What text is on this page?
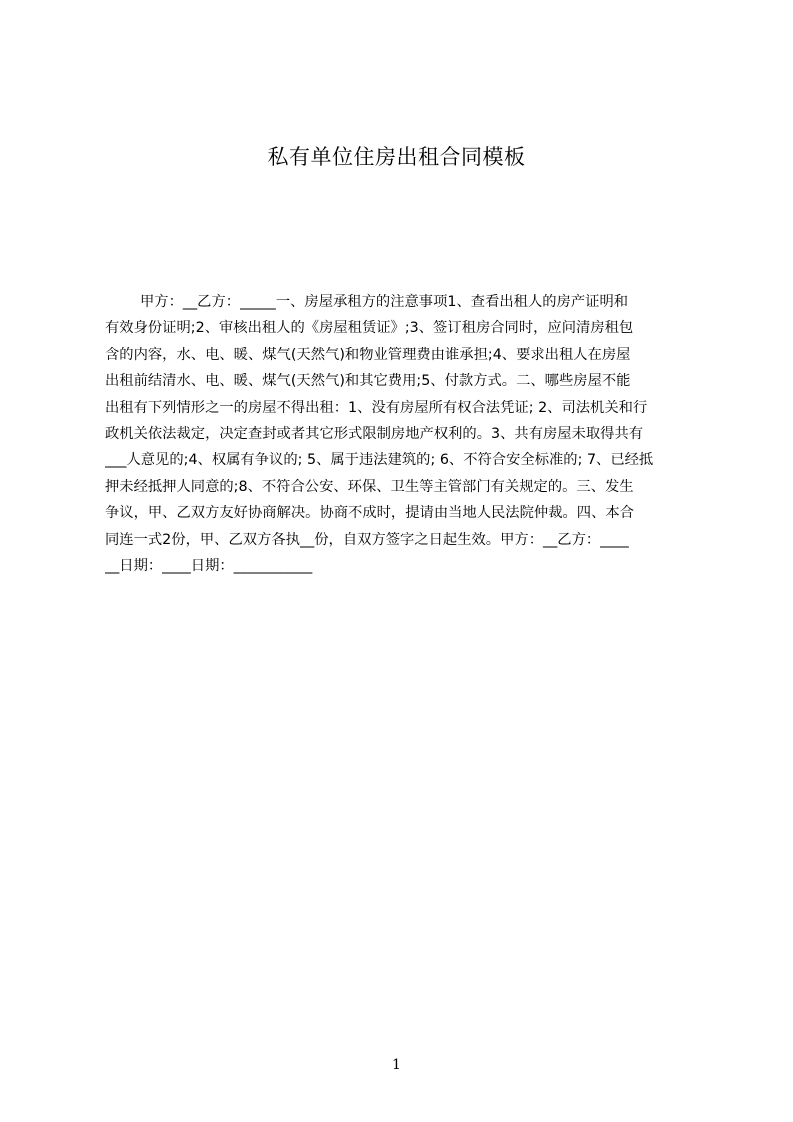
私有单位住房出租合同模板
甲方：__乙方：_____一、房屋承租方的注意事项1、查看出租人的房产证明和
有效身份证明;2、审核出租人的《房屋租赁证》;3、签订租房合同时，应问清房租包
含的内容，水、电、暖、煤气(天然气)和物业管理费由谁承担;4、要求出租人在房屋
出租前结清水、电、暖、煤气(天然气)和其它费用;5、付款方式。二、哪些房屋不能
出租有下列情形之一的房屋不得出租：1、没有房屋所有权合法凭证; 2、司法机关和行
政机关依法裁定，决定查封或者其它形式限制房地产权利的。3、共有房屋未取得共有
___人意见的;4、权属有争议的; 5、属于违法建筑的; 6、不符合安全标准的; 7、已经抵
押未经抵押人同意的;8、不符合公安、环保、卫生等主管部门有关规定的。三、发生
争议，甲、乙双方友好协商解决。协商不成时，提请由当地人民法院仲裁。四、本合
同连一式2份，甲、乙双方各执__份，自双方签字之日起生效。甲方：__乙方：____
__日期：____日期：___________
1
